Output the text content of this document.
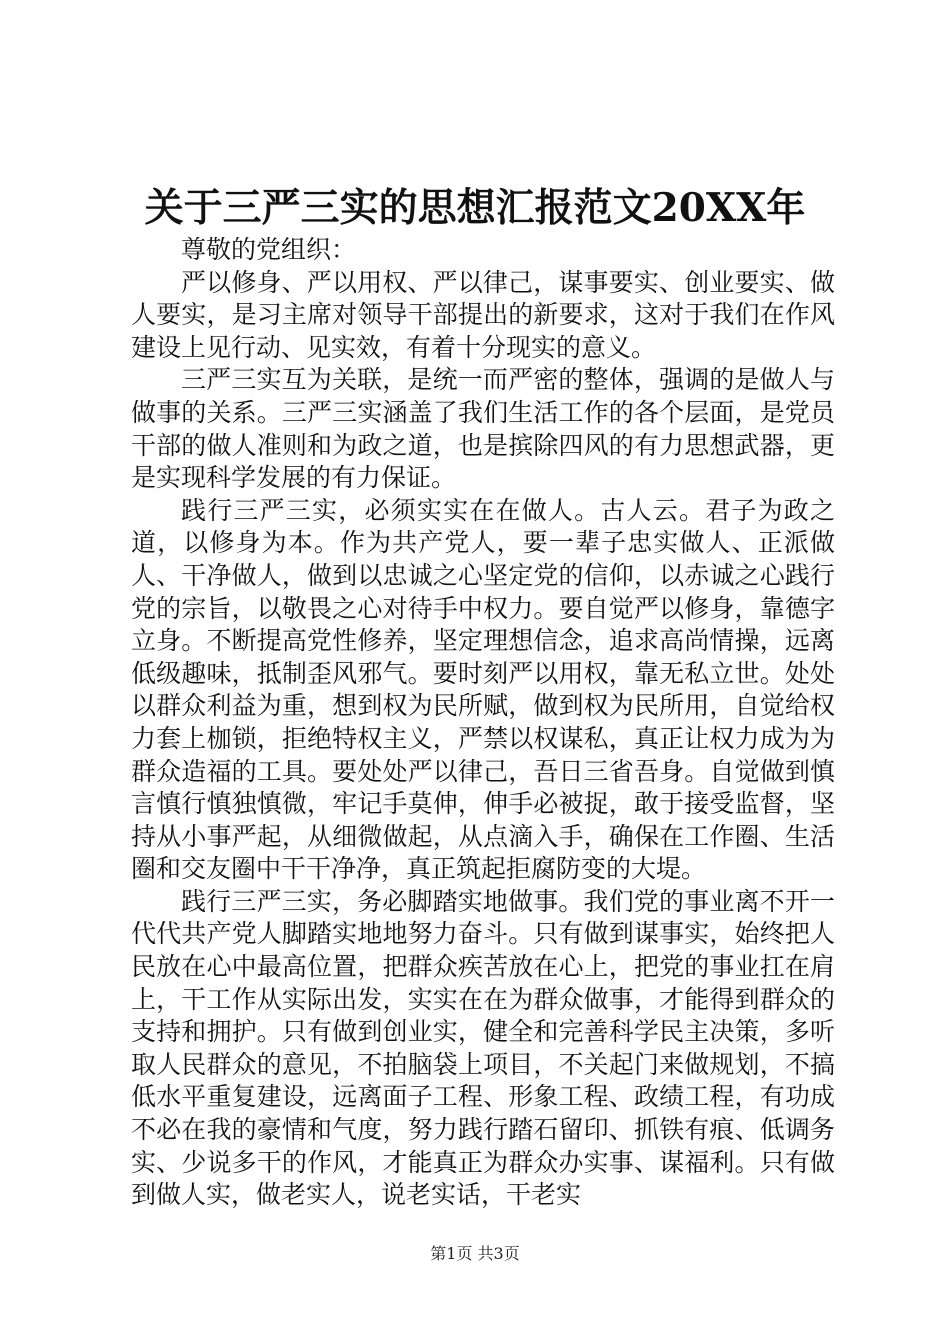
关于三严三实的思想汇报范文20XX年

尊敬的党组织：

严以修身、严以用权、严以律己，谋事要实、创业要实、做人要实，是习主席对领导干部提出的新要求，这对于我们在作风建设上见行动、见实效，有着十分现实的意义。

三严三实互为关联，是统一而严密的整体，强调的是做人与做事的关系。三严三实涵盖了我们生活工作的各个层面，是党员干部的做人准则和为政之道，也是摈除四风的有力思想武器，更是实现科学发展的有力保证。

践行三严三实，必须实实在在做人。古人云。君子为政之道，以修身为本。作为共产党人，要一辈子忠实做人、正派做人、干净做人，做到以忠诚之心坚定党的信仰，以赤诚之心践行党的宗旨，以敬畏之心对待手中权力。要自觉严以修身，靠德字立身。不断提高党性修养，坚定理想信念，追求高尚情操，远离低级趣味，抵制歪风邪气。要时刻严以用权，靠无私立世。处处以群众利益为重，想到权为民所赋，做到权为民所用，自觉给权力套上枷锁，拒绝特权主义，严禁以权谋私，真正让权力成为为群众造福的工具。要处处严以律己，吾日三省吾身。自觉做到慎言慎行慎独慎微，牢记手莫伸，伸手必被捉，敢于接受监督，坚持从小事严起，从细微做起，从点滴入手，确保在工作圈、生活圈和交友圈中干干净净，真正筑起拒腐防变的大堤。

践行三严三实，务必脚踏实地做事。我们党的事业离不开一代代共产党人脚踏实地地努力奋斗。只有做到谋事实，始终把人民放在心中最高位置，把群众疾苦放在心上，把党的事业扛在肩上，干工作从实际出发，实实在在为群众做事，才能得到群众的支持和拥护。只有做到创业实，健全和完善科学民主决策，多听取人民群众的意见，不拍脑袋上项目，不关起门来做规划，不搞低水平重复建设，远离面子工程、形象工程、政绩工程，有功成不必在我的豪情和气度，努力践行踏石留印、抓铁有痕、低调务实、少说多干的作风，才能真正为群众办实事、谋福利。只有做到做人实，做老实人，说老实话，干老实

第1页 共3页
